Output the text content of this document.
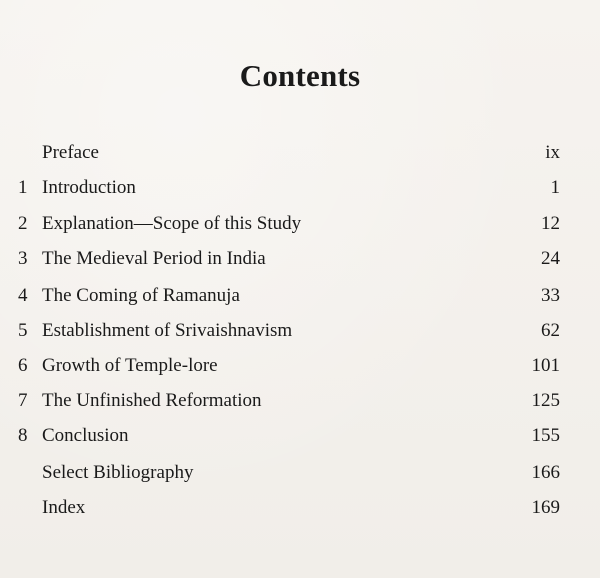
Contents
Preface	ix
1 Introduction	1
2 Explanation—Scope of this Study	12
3 The Medieval Period in India	24
4 The Coming of Ramanuja	33
5 Establishment of Srivaishnavism	62
6 Growth of Temple-lore	101
7 The Unfinished Reformation	125
8 Conclusion	155
Select Bibliography	166
Index	169
